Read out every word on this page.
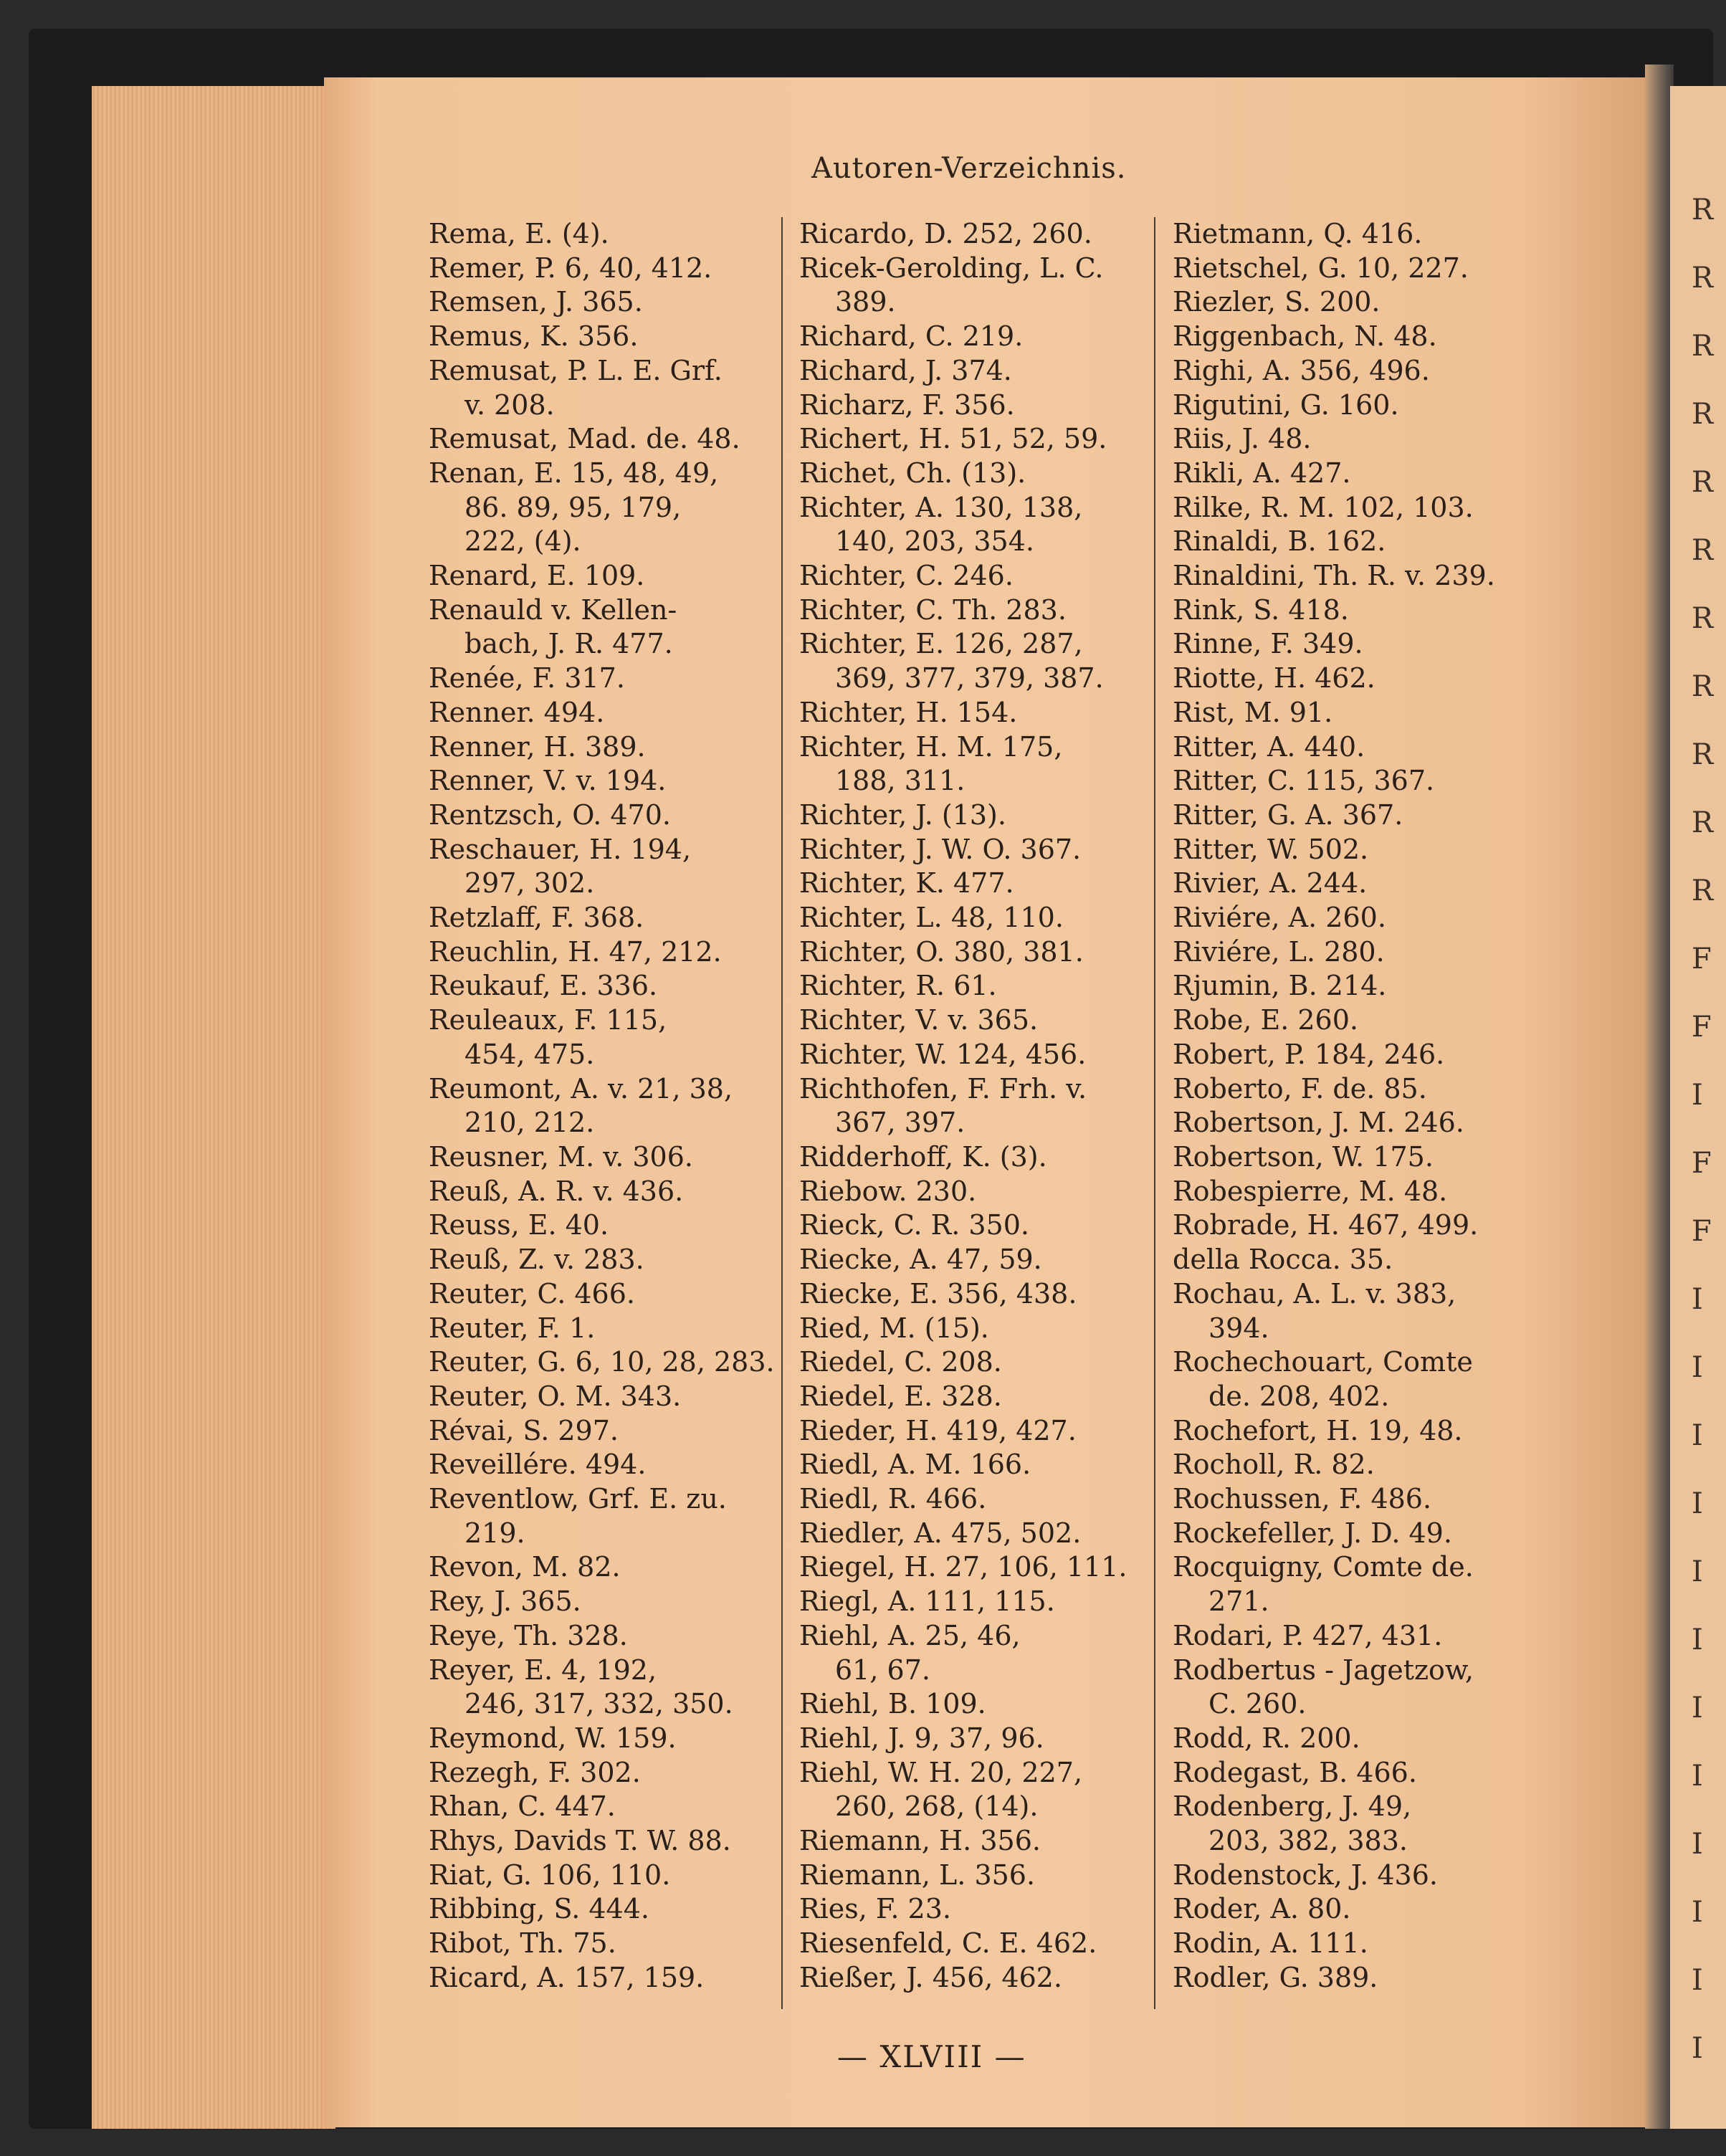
R
R
R
R
R
R
R
R
R
R
R
F
F
I
F
F
I
I
I
I
I
I
I
I
I
I
I
I
Autoren-Verzeichnis.
Rema, E. (4).
Remer, P. 6, 40, 412.
Remsen, J. 365.
Remus, K. 356.
Remusat, P. L. E. Grf.
v. 208.
Remusat, Mad. de. 48.
Renan, E. 15, 48, 49,
86. 89, 95, 179,
222, (4).
Renard, E. 109.
Renauld v. Kellen-
bach, J. R. 477.
Renée, F. 317.
Renner. 494.
Renner, H. 389.
Renner, V. v. 194.
Rentzsch, O. 470.
Reschauer, H. 194,
297, 302.
Retzlaff, F. 368.
Reuchlin, H. 47, 212.
Reukauf, E. 336.
Reuleaux, F. 115,
454, 475.
Reumont, A. v. 21, 38,
210, 212.
Reusner, M. v. 306.
Reuß, A. R. v. 436.
Reuss, E. 40.
Reuß, Z. v. 283.
Reuter, C. 466.
Reuter, F. 1.
Reuter, G. 6, 10, 28, 283.
Reuter, O. M. 343.
Révai, S. 297.
Reveillére. 494.
Reventlow, Grf. E. zu.
219.
Revon, M. 82.
Rey, J. 365.
Reye, Th. 328.
Reyer, E. 4, 192,
246, 317, 332, 350.
Reymond, W. 159.
Rezegh, F. 302.
Rhan, C. 447.
Rhys, Davids T. W. 88.
Riat, G. 106, 110.
Ribbing, S. 444.
Ribot, Th. 75.
Ricard, A. 157, 159.
Ricardo, D. 252, 260.
Ricek-Gerolding, L. C.
389.
Richard, C. 219.
Richard, J. 374.
Richarz, F. 356.
Richert, H. 51, 52, 59.
Richet, Ch. (13).
Richter, A. 130, 138,
140, 203, 354.
Richter, C. 246.
Richter, C. Th. 283.
Richter, E. 126, 287,
369, 377, 379, 387.
Richter, H. 154.
Richter, H. M. 175,
188, 311.
Richter, J. (13).
Richter, J. W. O. 367.
Richter, K. 477.
Richter, L. 48, 110.
Richter, O. 380, 381.
Richter, R. 61.
Richter, V. v. 365.
Richter, W. 124, 456.
Richthofen, F. Frh. v.
367, 397.
Ridderhoff, K. (3).
Riebow. 230.
Rieck, C. R. 350.
Riecke, A. 47, 59.
Riecke, E. 356, 438.
Ried, M. (15).
Riedel, C. 208.
Riedel, E. 328.
Rieder, H. 419, 427.
Riedl, A. M. 166.
Riedl, R. 466.
Riedler, A. 475, 502.
Riegel, H. 27, 106, 111.
Riegl, A. 111, 115.
Riehl, A. 25, 46,
61, 67.
Riehl, B. 109.
Riehl, J. 9, 37, 96.
Riehl, W. H. 20, 227,
260, 268, (14).
Riemann, H. 356.
Riemann, L. 356.
Ries, F. 23.
Riesenfeld, C. E. 462.
Rießer, J. 456, 462.
Rietmann, Q. 416.
Rietschel, G. 10, 227.
Riezler, S. 200.
Riggenbach, N. 48.
Righi, A. 356, 496.
Rigutini, G. 160.
Riis, J. 48.
Rikli, A. 427.
Rilke, R. M. 102, 103.
Rinaldi, B. 162.
Rinaldini, Th. R. v. 239.
Rink, S. 418.
Rinne, F. 349.
Riotte, H. 462.
Rist, M. 91.
Ritter, A. 440.
Ritter, C. 115, 367.
Ritter, G. A. 367.
Ritter, W. 502.
Rivier, A. 244.
Riviére, A. 260.
Riviére, L. 280.
Rjumin, B. 214.
Robe, E. 260.
Robert, P. 184, 246.
Roberto, F. de. 85.
Robertson, J. M. 246.
Robertson, W. 175.
Robespierre, M. 48.
Robrade, H. 467, 499.
della Rocca. 35.
Rochau, A. L. v. 383,
394.
Rochechouart, Comte
de. 208, 402.
Rochefort, H. 19, 48.
Rocholl, R. 82.
Rochussen, F. 486.
Rockefeller, J. D. 49.
Rocquigny, Comte de.
271.
Rodari, P. 427, 431.
Rodbertus - Jagetzow,
C. 260.
Rodd, R. 200.
Rodegast, B. 466.
Rodenberg, J. 49,
203, 382, 383.
Rodenstock, J. 436.
Roder, A. 80.
Rodin, A. 111.
Rodler, G. 389.
— XLVIII —
